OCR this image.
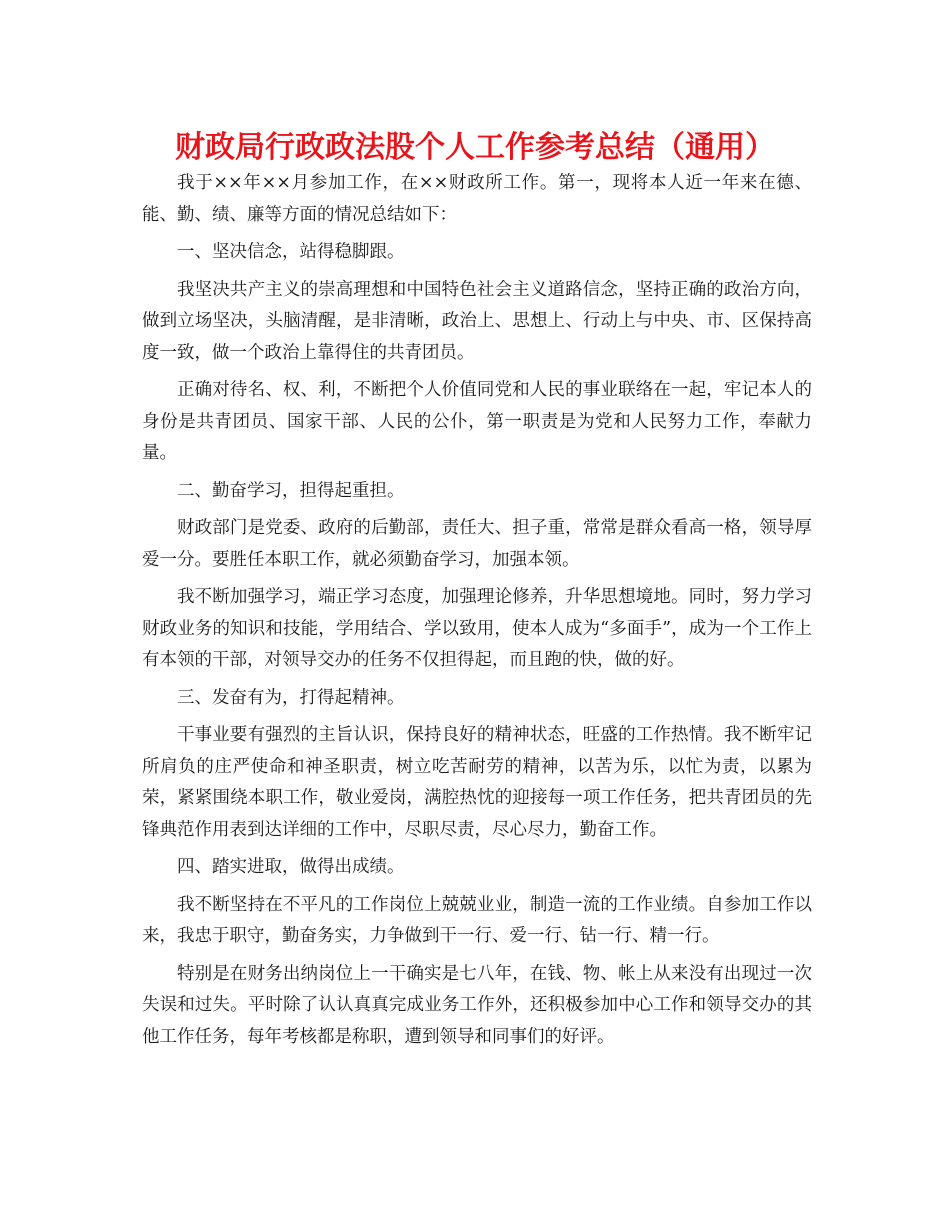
财政局行政政法股个人工作参考总结（通用）

我于××年××月参加工作，在××财政所工作。第一，现将本人近一年来在德、能、勤、绩、廉等方面的情况总结如下：

一、坚决信念，站得稳脚跟。

我坚决共产主义的崇高理想和中国特色社会主义道路信念，坚持正确的政治方向，做到立场坚决，头脑清醒，是非清晰，政治上、思想上、行动上与中央、市、区保持高度一致，做一个政治上靠得住的共青团员。

正确对待名、权、利，不断把个人价值同党和人民的事业联络在一起，牢记本人的身份是共青团员、国家干部、人民的公仆，第一职责是为党和人民努力工作，奉献力量。

二、勤奋学习，担得起重担。

财政部门是党委、政府的后勤部，责任大、担子重，常常是群众看高一格，领导厚爱一分。要胜任本职工作，就必须勤奋学习，加强本领。

我不断加强学习，端正学习态度，加强理论修养，升华思想境地。同时，努力学习财政业务的知识和技能，学用结合、学以致用，使本人成为“多面手”，成为一个工作上有本领的干部，对领导交办的任务不仅担得起，而且跑的快，做的好。

三、发奋有为，打得起精神。

干事业要有强烈的主旨认识，保持良好的精神状态，旺盛的工作热情。我不断牢记所肩负的庄严使命和神圣职责，树立吃苦耐劳的精神，以苦为乐，以忙为责，以累为荣，紧紧围绕本职工作，敬业爱岗，满腔热忱的迎接每一项工作任务，把共青团员的先锋典范作用表到达详细的工作中，尽职尽责，尽心尽力，勤奋工作。

四、踏实进取，做得出成绩。

我不断坚持在不平凡的工作岗位上兢兢业业，制造一流的工作业绩。自参加工作以来，我忠于职守，勤奋务实，力争做到干一行、爱一行、钻一行、精一行。

特别是在财务出纳岗位上一干确实是七八年，在钱、物、帐上从来没有出现过一次失误和过失。平时除了认认真真完成业务工作外，还积极参加中心工作和领导交办的其他工作任务，每年考核都是称职，遭到领导和同事们的好评。
